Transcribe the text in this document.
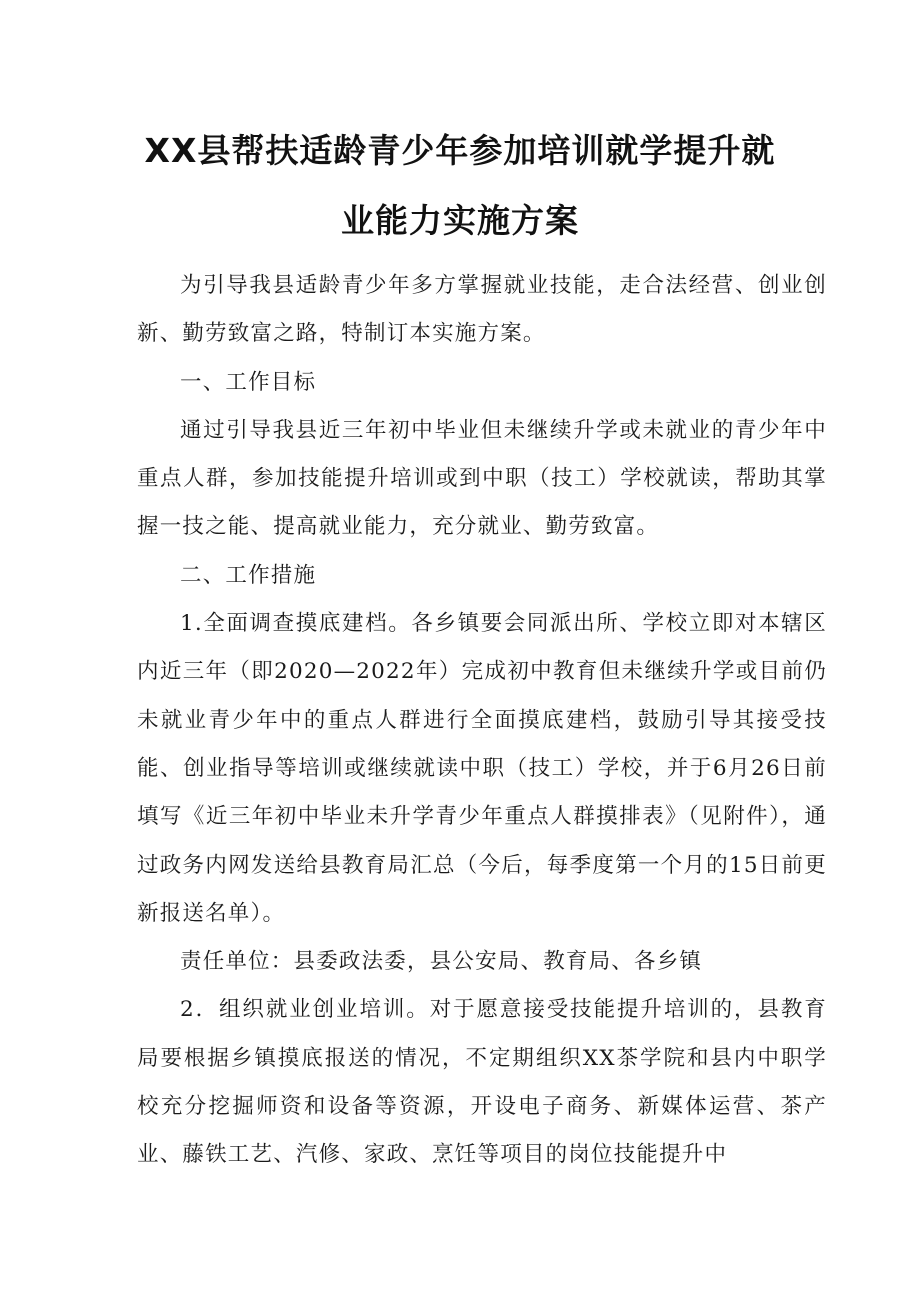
XX县帮扶适龄青少年参加培训就学提升就
业能力实施方案

为引导我县适龄青少年多方掌握就业技能，走合法经营、创业创新、勤劳致富之路，特制订本实施方案。

一、工作目标

通过引导我县近三年初中毕业但未继续升学或未就业的青少年中重点人群，参加技能提升培训或到中职（技工）学校就读，帮助其掌握一技之能、提高就业能力，充分就业、勤劳致富。

二、工作措施

1.全面调查摸底建档。各乡镇要会同派出所、学校立即对本辖区内近三年（即2020—2022年）完成初中教育但未继续升学或目前仍未就业青少年中的重点人群进行全面摸底建档，鼓励引导其接受技能、创业指导等培训或继续就读中职（技工）学校，并于6月26日前填写《近三年初中毕业未升学青少年重点人群摸排表》（见附件），通过政务内网发送给县教育局汇总（今后，每季度第一个月的15日前更新报送名单）。

责任单位：县委政法委，县公安局、教育局、各乡镇

2．组织就业创业培训。对于愿意接受技能提升培训的，县教育局要根据乡镇摸底报送的情况，不定期组织XX茶学院和县内中职学校充分挖掘师资和设备等资源，开设电子商务、新媒体运营、茶产业、藤铁工艺、汽修、家政、烹饪等项目的岗位技能提升中
